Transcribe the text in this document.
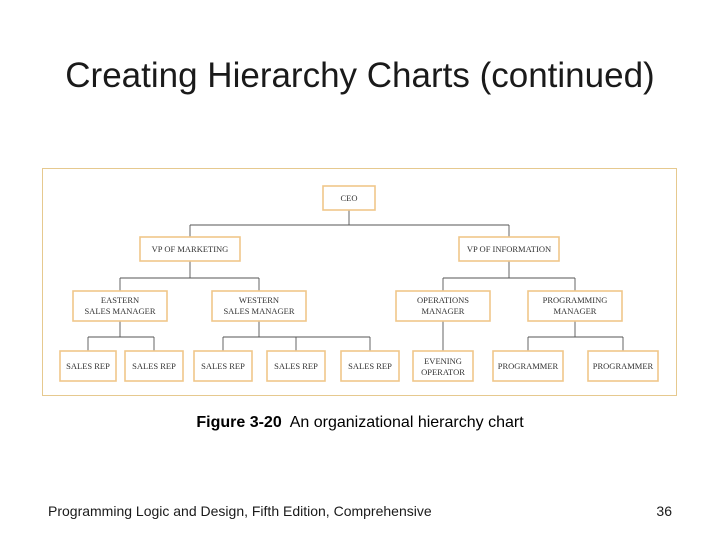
Creating Hierarchy Charts (continued)
CEO
VP OF MARKETING	VP OF INFORMATION
EASTERN
SALES MANAGER
WESTERN
SALES MANAGER
OPERATIONS
MANAGER
PROGRAMMING
MANAGER
SALES REP	SALES REP	SALES REP	SALES REP	SALES REP	EVENING
OPERATOR
PROGRAMMER	PROGRAMMER
Figure 3-20 An organizational hierarchy chart
Programming Logic and Design, Fifth Edition, Comprehensive	36
